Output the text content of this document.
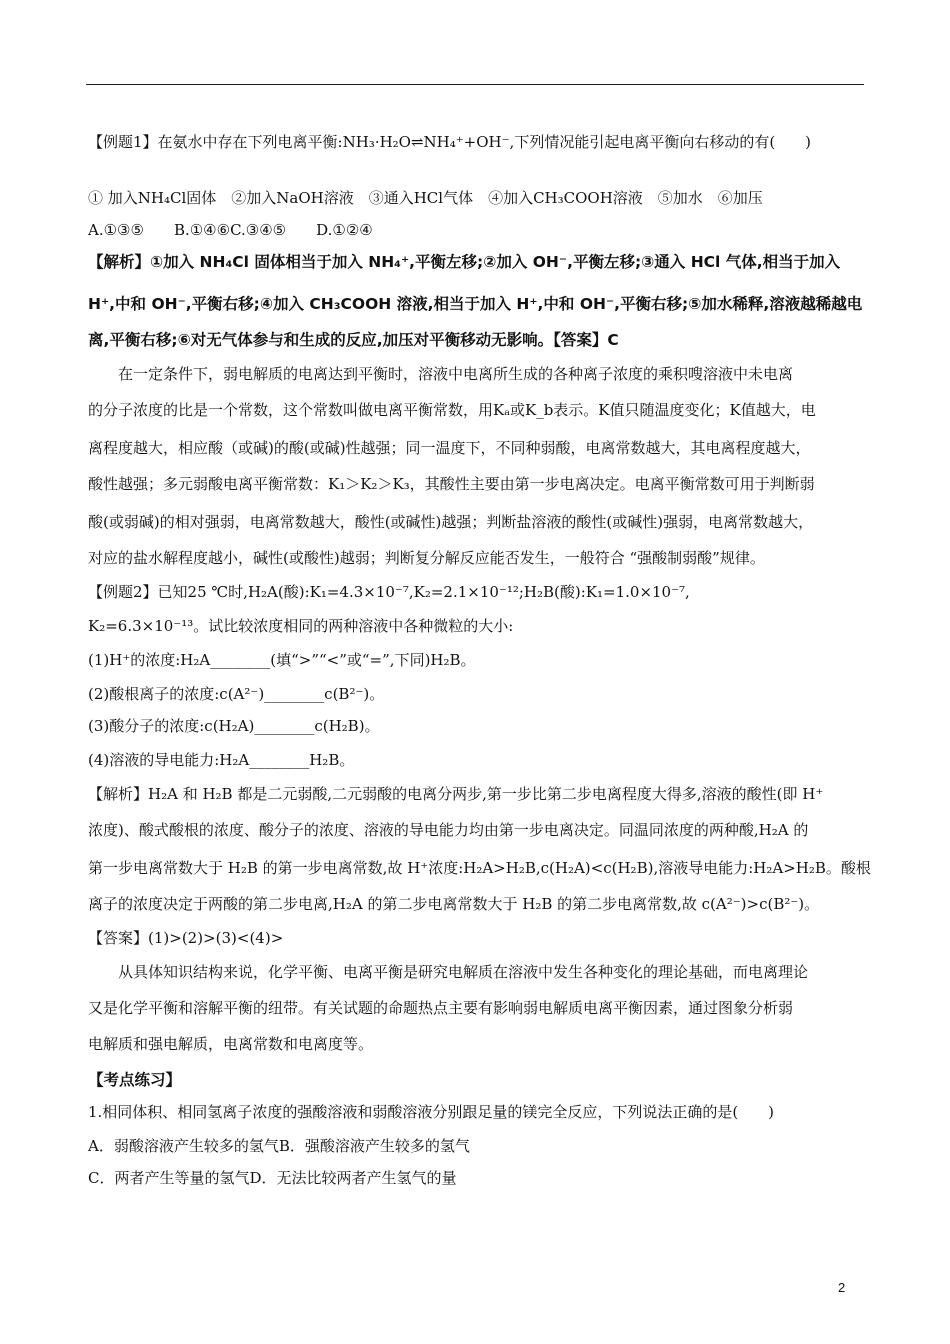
【例题1】在氨水中存在下列电离平衡:NH₃·H₂O⇌NH₄⁺+OH⁻,下列情况能引起电离平衡向右移动的有(　　)
① 加入NH₄Cl固体　②加入NaOH溶液　③通入HCl气体　④加入CH₃COOH溶液　⑤加水　⑥加压
A.①③⑤　　B.①④⑥C.③④⑤　　D.①②④
【解析】①加入 NH₄Cl 固体相当于加入 NH₄⁺,平衡左移;②加入 OH⁻,平衡左移;③通入 HCl 气体,相当于加入
H⁺,中和 OH⁻,平衡右移;④加入 CH₃COOH 溶液,相当于加入 H⁺,中和 OH⁻,平衡右移;⑤加水稀释,溶液越稀越电
离,平衡右移;⑥对无气体参与和生成的反应,加压对平衡移动无影响。【答案】C
在一定条件下，弱电解质的电离达到平衡时，溶液中电离所生成的各种离子浓度的乘积嗖溶液中未电离
的分子浓度的比是一个常数，这个常数叫做电离平衡常数，用Kₐ或K_b表示。K值只随温度变化；K值越大，电
离程度越大，相应酸（或碱)的酸(或碱)性越强；同一温度下，不同种弱酸，电离常数越大，其电离程度越大，
酸性越强；多元弱酸电离平衡常数：K₁＞K₂＞K₃，其酸性主要由第一步电离决定。电离平衡常数可用于判断弱
酸(或弱碱)的相对强弱，电离常数越大，酸性(或碱性)越强；判断盐溶液的酸性(或碱性)强弱，电离常数越大，
对应的盐水解程度越小，碱性(或酸性)越弱；判断复分解反应能否发生，一般符合 “强酸制弱酸”规律。
【例题2】已知25 ℃时,H₂A(酸):K₁=4.3×10⁻⁷,K₂=2.1×10⁻¹²;H₂B(酸):K₁=1.0×10⁻⁷,
K₂=6.3×10⁻¹³。试比较浓度相同的两种溶液中各种微粒的大小:
(1)H⁺的浓度:H₂A________(填“>”“<”或“=”,下同)H₂B。
(2)酸根离子的浓度:c(A²⁻)________c(B²⁻)。
(3)酸分子的浓度:c(H₂A)________c(H₂B)。
(4)溶液的导电能力:H₂A________H₂B。
【解析】H₂A 和 H₂B 都是二元弱酸,二元弱酸的电离分两步,第一步比第二步电离程度大得多,溶液的酸性(即 H⁺
浓度)、酸式酸根的浓度、酸分子的浓度、溶液的导电能力均由第一步电离决定。同温同浓度的两种酸,H₂A 的
第一步电离常数大于 H₂B 的第一步电离常数,故 H⁺浓度:H₂A>H₂B,c(H₂A)<c(H₂B),溶液导电能力:H₂A>H₂B。酸根
离子的浓度决定于两酸的第二步电离,H₂A 的第二步电离常数大于 H₂B 的第二步电离常数,故 c(A²⁻)>c(B²⁻)。
【答案】(1)>(2)>(3)<(4)>
从具体知识结构来说，化学平衡、电离平衡是研究电解质在溶液中发生各种变化的理论基础，而电离理论
又是化学平衡和溶解平衡的纽带。有关试题的命题热点主要有影响弱电解质电离平衡因素，通过图象分析弱
电解质和强电解质，电离常数和电离度等。
【考点练习】
1.相同体积、相同氢离子浓度的强酸溶液和弱酸溶液分别跟足量的镁完全反应，下列说法正确的是(　　)
A．弱酸溶液产生较多的氢气B．强酸溶液产生较多的氢气
C．两者产生等量的氢气D．无法比较两者产生氢气的量
2
